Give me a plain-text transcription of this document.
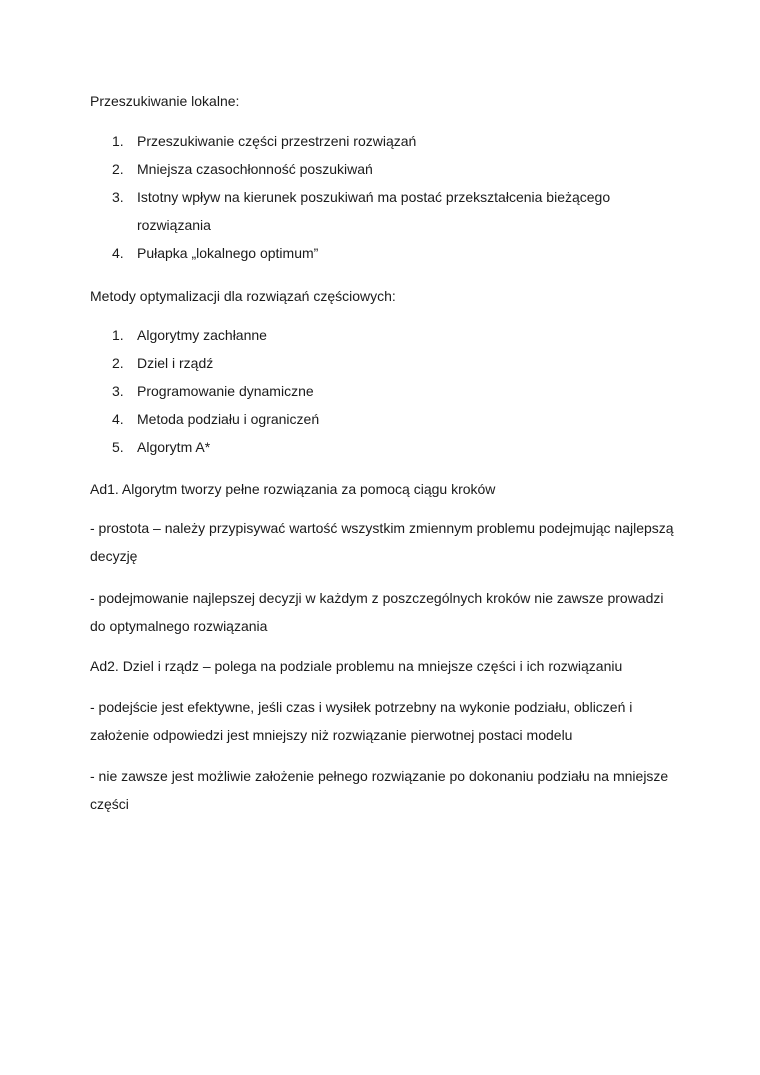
Przeszukiwanie lokalne:

1. Przeszukiwanie części przestrzeni rozwiązań
2. Mniejsza czasochłonność poszukiwań
3. Istotny wpływ na kierunek poszukiwań ma postać przekształcenia bieżącego rozwiązania
4. Pułapka „lokalnego optimum”

Metody optymalizacji dla rozwiązań częściowych:

1. Algorytmy zachłanne
2. Dziel i rządź
3. Programowanie dynamiczne
4. Metoda podziału i ograniczeń
5. Algorytm A*

Ad1. Algorytm tworzy pełne rozwiązania za pomocą ciągu kroków

- prostota – należy przypisywać wartość wszystkim zmiennym problemu podejmując najlepszą decyzję

- podejmowanie najlepszej decyzji w każdym z poszczególnych kroków nie zawsze prowadzi do optymalnego rozwiązania

Ad2. Dziel i rządz – polega na podziale problemu na mniejsze części i ich rozwiązaniu

- podejście jest efektywne, jeśli czas i wysiłek potrzebny na wykonie podziału, obliczeń i założenie odpowiedzi jest mniejszy niż rozwiązanie pierwotnej postaci modelu

- nie zawsze jest możliwie założenie pełnego rozwiązanie po dokonaniu podziału na mniejsze części
